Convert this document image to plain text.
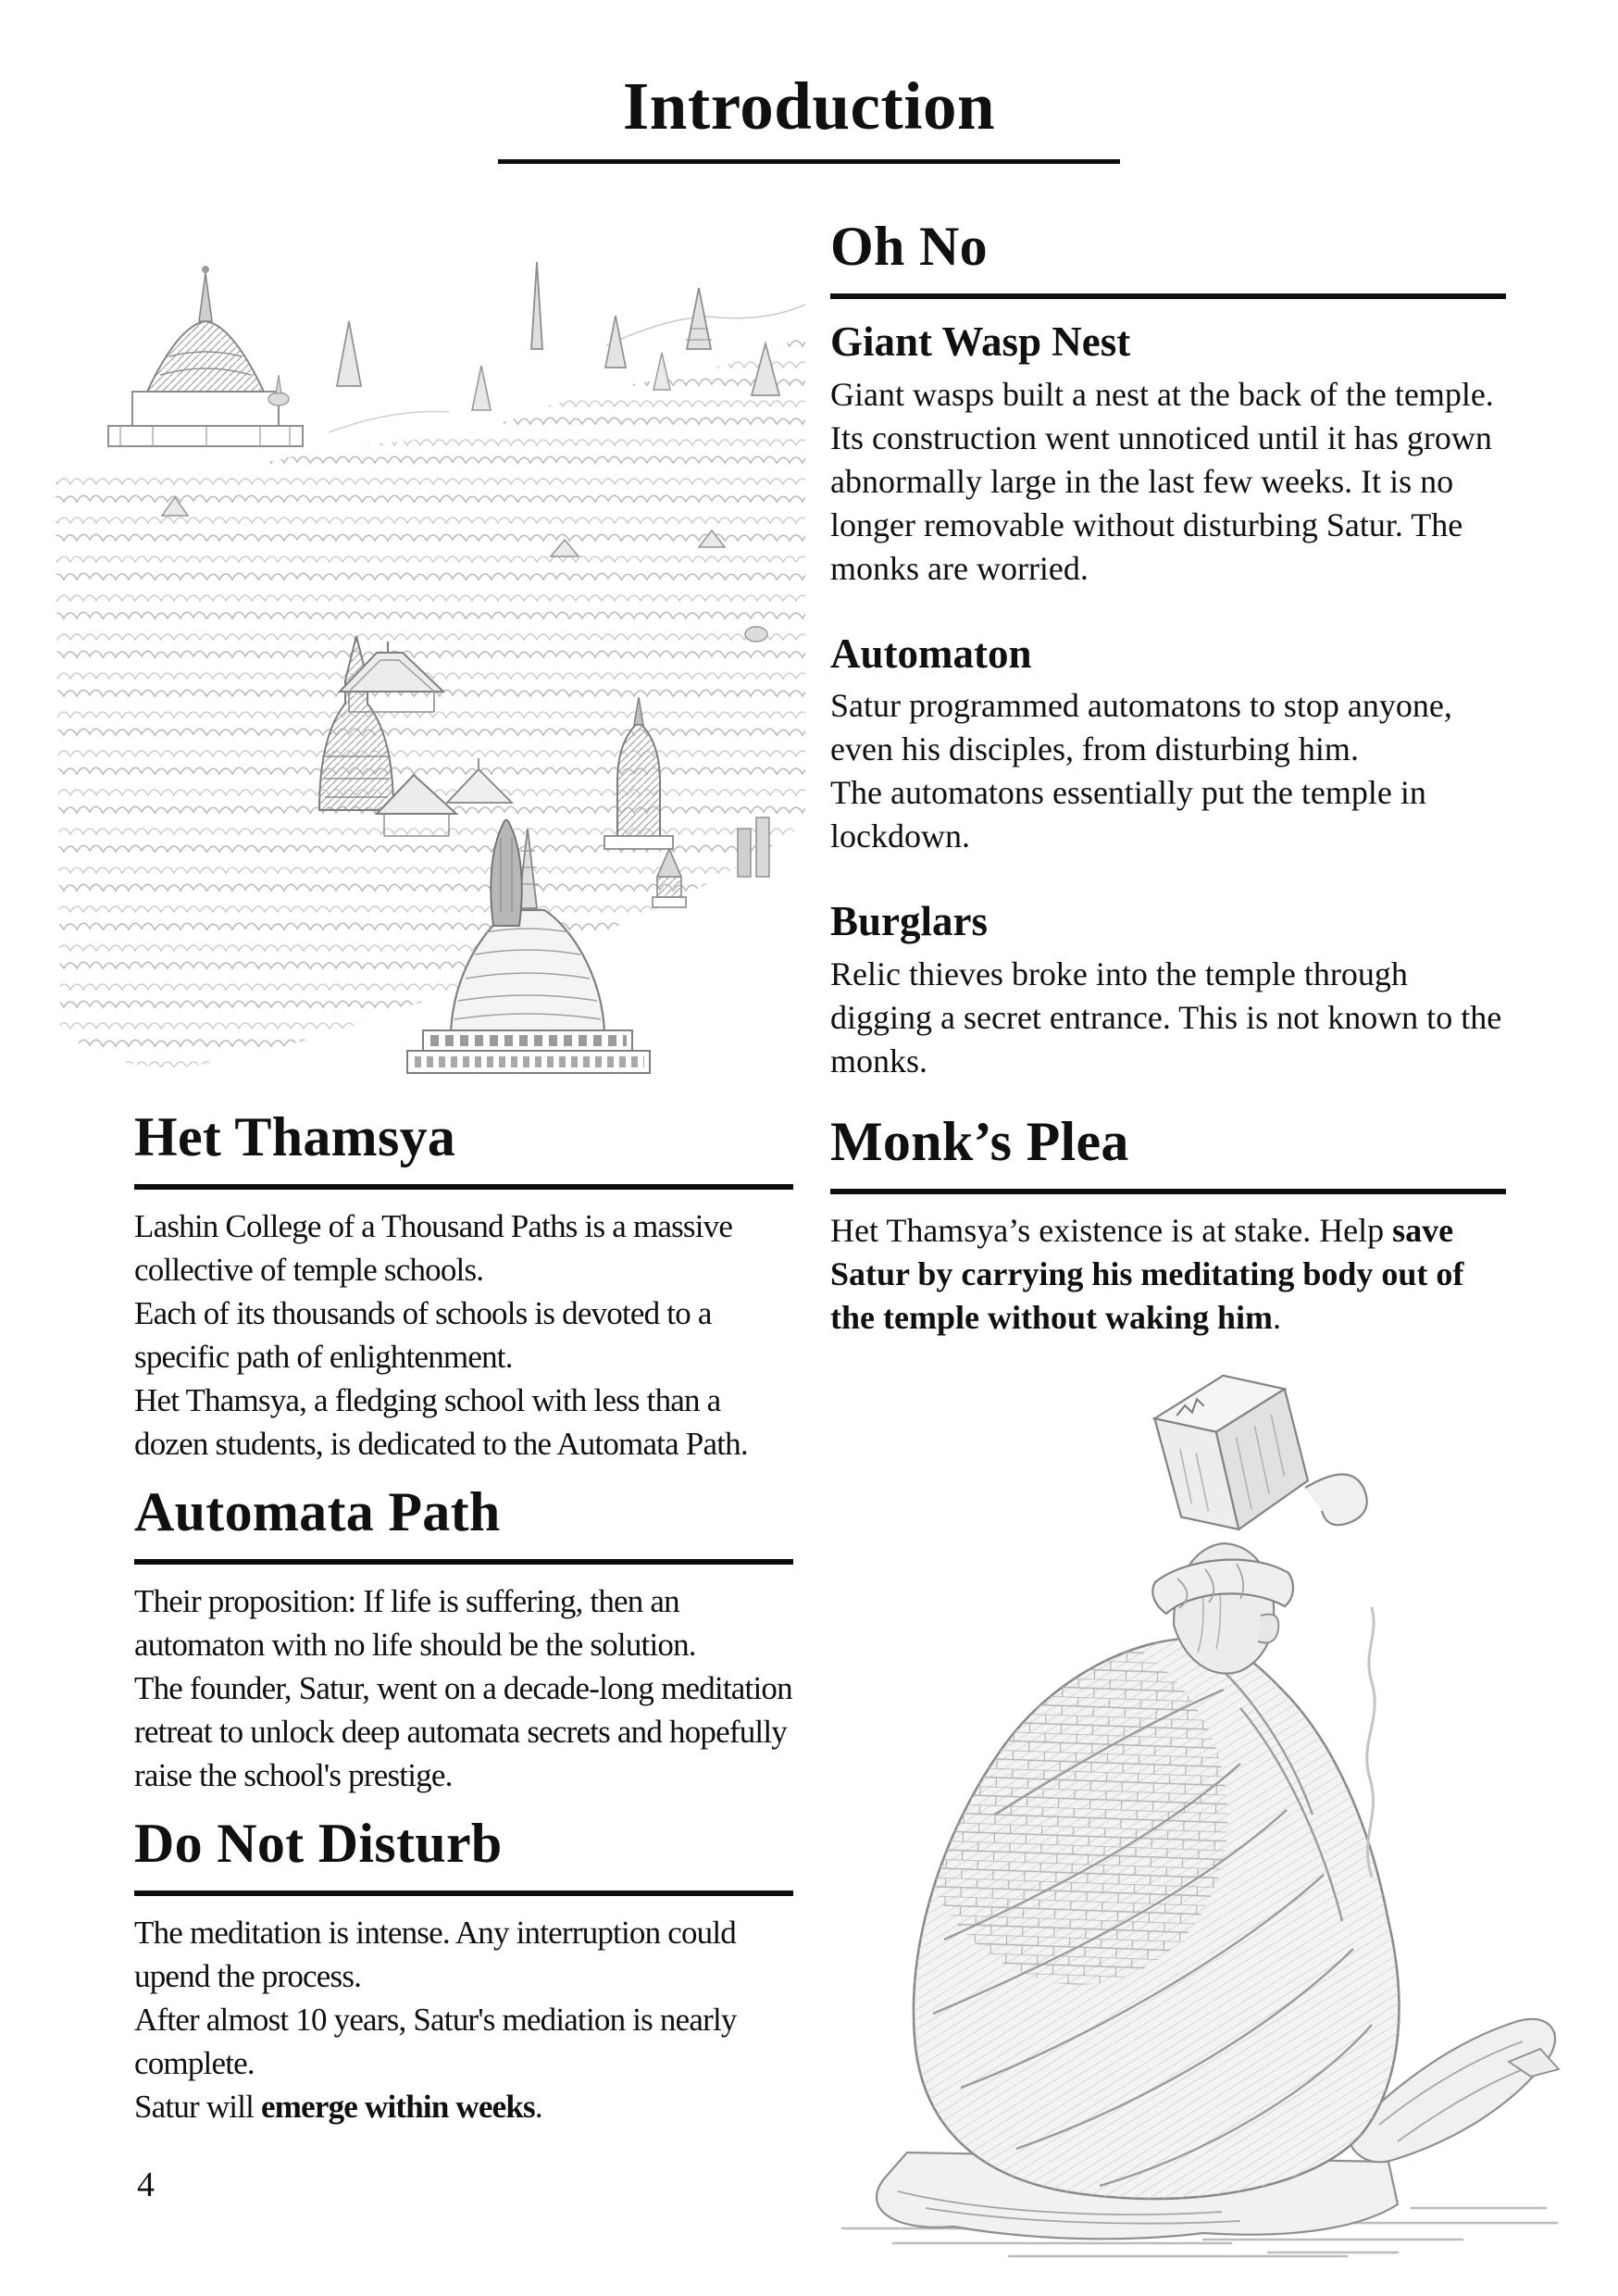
Introduction
Oh No
Giant Wasp Nest

Giant wasps built a nest at the back of the temple. Its construction went unnoticed until it has grown abnormally large in the last few weeks. It is no longer removable without disturbing Satur. The monks are worried.

Automaton

Satur programmed automatons to stop anyone, even his disciples, from disturbing him.
The automatons essentially put the temple in lockdown.

Burglars

Relic thieves broke into the temple through digging a secret entrance. This is not known to the monks.

Monk’s Plea

Het Thamsya’s existence is at stake. Help save Satur by carrying his meditating body out of the temple without waking him.

Het Thamsya

Lashin College of a Thousand Paths is a massive collective of temple schools.
Each of its thousands of schools is devoted to a specific path of enlightenment.
Het Thamsya, a fledging school with less than a dozen students, is dedicated to the Automata Path.

Automata Path

Their proposition: If life is suffering, then an automaton with no life should be the solution.
The founder, Satur, went on a decade-long meditation retreat to unlock deep automata secrets and hopefully raise the school's prestige.

Do Not Disturb

The meditation is intense. Any interruption could upend the process.
After almost 10 years, Satur's mediation is nearly complete.
Satur will emerge within weeks.

4
